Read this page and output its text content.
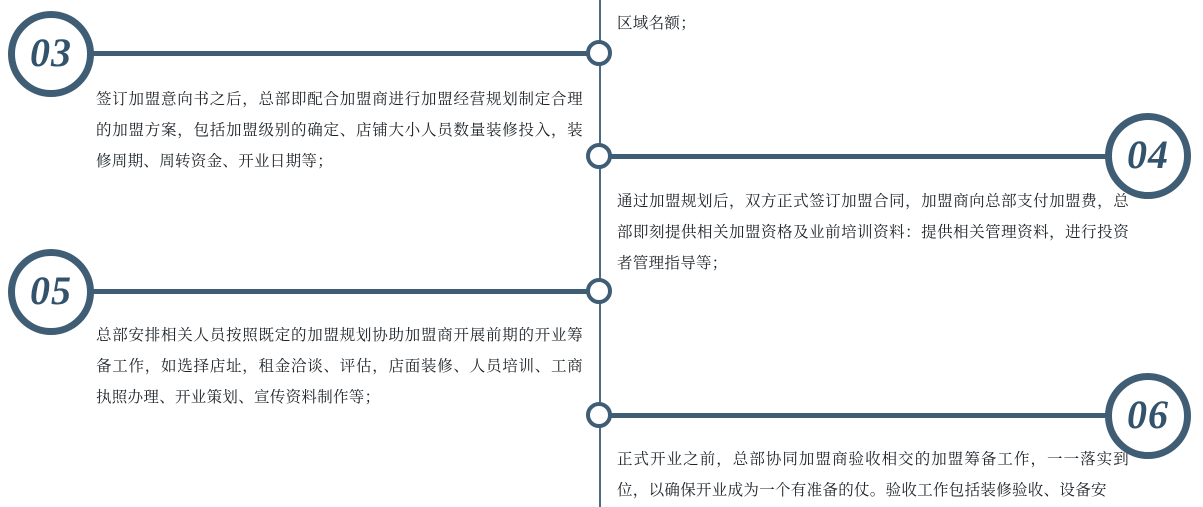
区域名额；

03

签订加盟意向书之后，总部即配合加盟商进行加盟经营规划制定合理的加盟方案，包括加盟级别的确定、店铺大小人员数量装修投入，装修周期、周转资金、开业日期等；	04

通过加盟规划后，双方正式签订加盟合同，加盟商向总部支付加盟费，总部即刻提供相关加盟资格及业前培训资料：提供相关管理资料，进行投资者管理指导等；

05

总部安排相关人员按照既定的加盟规划协助加盟商开展前期的开业筹备工作，如选择店址，租金洽谈、评估，店面装修、人员培训、工商执照办理、开业策划、宣传资料制作等；	06

正式开业之前，总部协同加盟商验收相交的加盟筹备工作，一一落实到位，以确保开业成为一个有准备的仗。验收工作包括装修验收、设备安
